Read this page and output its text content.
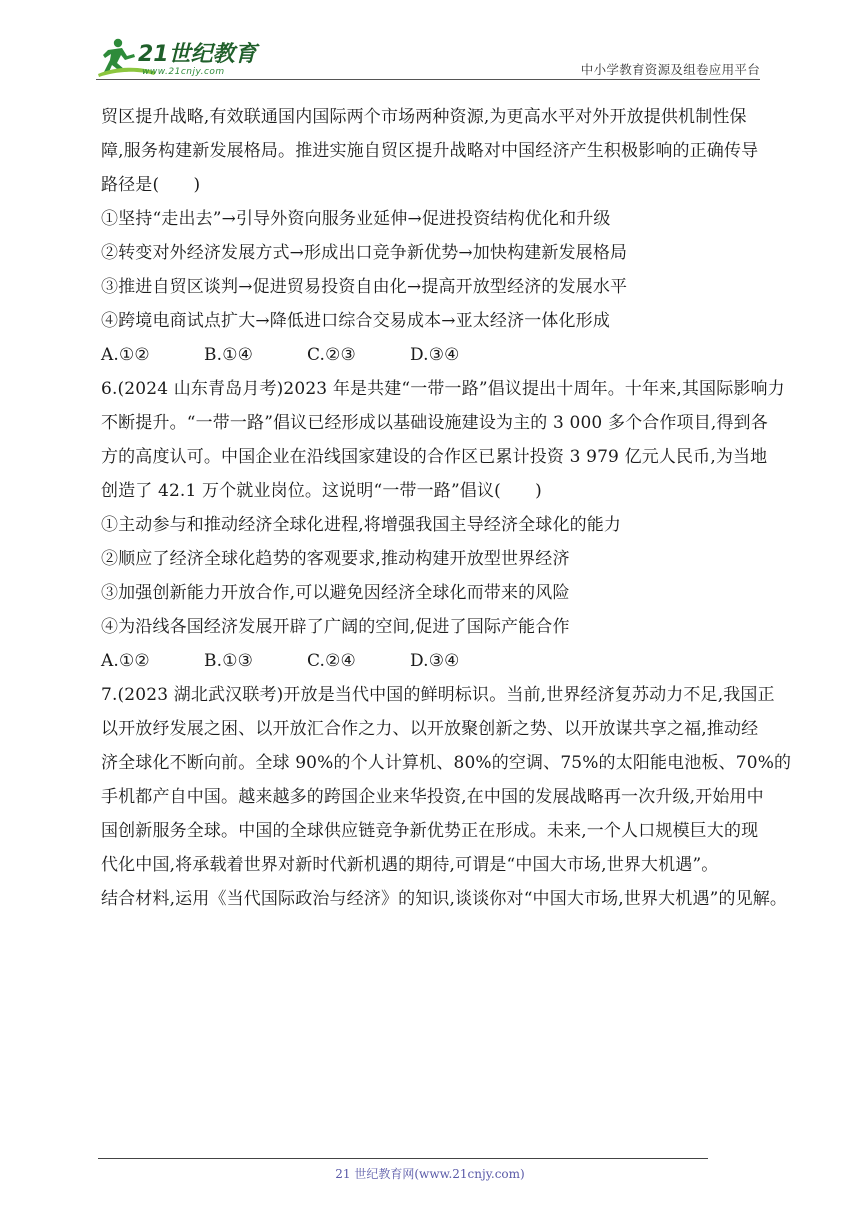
21世纪教育
www.21cnjy.com	中小学教育资源及组卷应用平台
贸区提升战略,有效联通国内国际两个市场两种资源,为更高水平对外开放提供机制性保
障,服务构建新发展格局。推进实施自贸区提升战略对中国经济产生积极影响的正确传导
路径是(　　)
①坚持“走出去”→引导外资向服务业延伸→促进投资结构优化和升级
②转变对外经济发展方式→形成出口竞争新优势→加快构建新发展格局
③推进自贸区谈判→促进贸易投资自由化→提高开放型经济的发展水平
④跨境电商试点扩大→降低进口综合交易成本→亚太经济一体化形成
A.①②	B.①④	C.②③	D.③④
6.(2024 山东青岛月考)2023 年是共建“一带一路”倡议提出十周年。十年来,其国际影响力
不断提升。“一带一路”倡议已经形成以基础设施建设为主的 3 000 多个合作项目,得到各
方的高度认可。中国企业在沿线国家建设的合作区已累计投资 3 979 亿元人民币,为当地
创造了 42.1 万个就业岗位。这说明“一带一路”倡议(　　)
①主动参与和推动经济全球化进程,将增强我国主导经济全球化的能力
②顺应了经济全球化趋势的客观要求,推动构建开放型世界经济
③加强创新能力开放合作,可以避免因经济全球化而带来的风险
④为沿线各国经济发展开辟了广阔的空间,促进了国际产能合作
A.①②	B.①③	C.②④	D.③④
7.(2023 湖北武汉联考)开放是当代中国的鲜明标识。当前,世界经济复苏动力不足,我国正
以开放纾发展之困、以开放汇合作之力、以开放聚创新之势、以开放谋共享之福,推动经
济全球化不断向前。全球 90%的个人计算机、80%的空调、75%的太阳能电池板、70%的
手机都产自中国。越来越多的跨国企业来华投资,在中国的发展战略再一次升级,开始用中
国创新服务全球。中国的全球供应链竞争新优势正在形成。未来,一个人口规模巨大的现
代化中国,将承载着世界对新时代新机遇的期待,可谓是“中国大市场,世界大机遇”。
结合材料,运用《当代国际政治与经济》的知识,谈谈你对“中国大市场,世界大机遇”的见解。
21 世纪教育网(www.21cnjy.com)
